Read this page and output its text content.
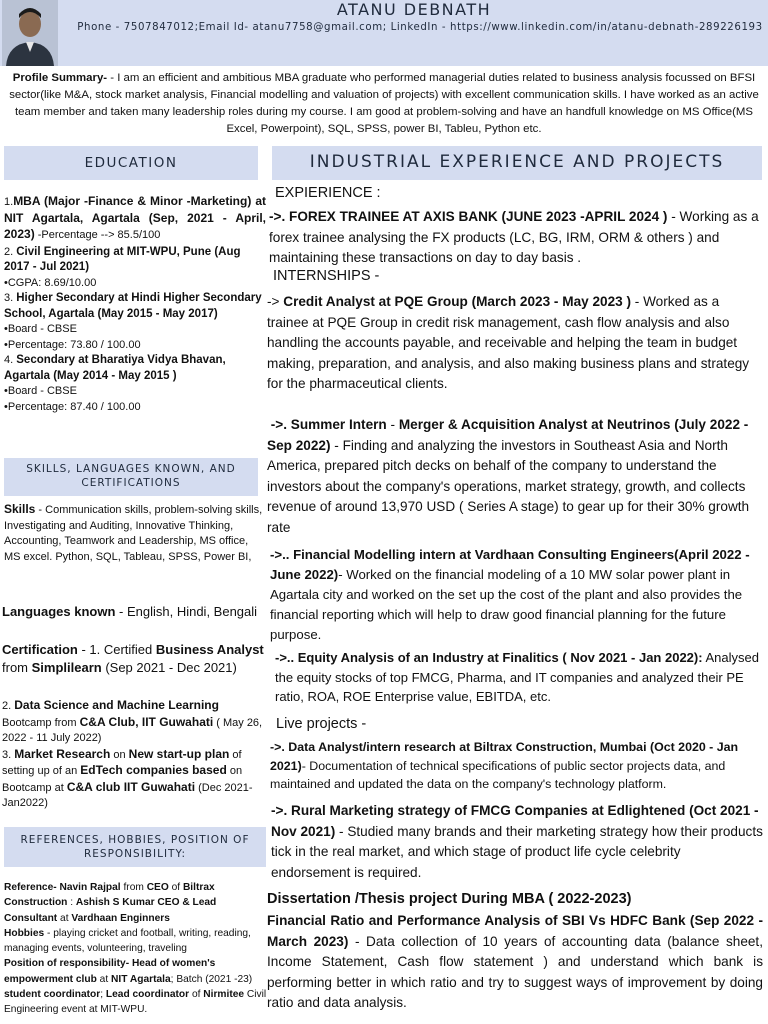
ATANU DEBNATH
Phone - 7507847012;Email Id- atanu7758@gmail.com; LinkedIn - https://www.linkedin.com/in/atanu-debnath-289226193
Profile Summary- - I am an efficient and ambitious MBA graduate who performed managerial duties related to business analysis focussed on BFSI sector(like M&A, stock market analysis, Financial modelling and valuation of projects) with excellent communication skills. I have worked as an active team member and taken many leadership roles during my course. I am good at problem-solving and have an handfull knowledge on MS Office(MS Excel, Powerpoint), SQL, SPSS, power BI, Tableu, Python etc.
EDUCATION	INDUSTRIAL EXPERIENCE AND PROJECTS
1.MBA (Major -Finance & Minor -Marketing) at NIT Agartala, Agartala (Sep, 2021 - April, 2023) -Percentage --> 85.5/100
2. Civil Engineering at MIT-WPU, Pune (Aug 2017 - Jul 2021)
•CGPA: 8.69/10.00
3. Higher Secondary at Hindi Higher Secondary School, Agartala (May 2015 - May 2017)
•Board - CBSE
•Percentage: 73.80 / 100.00
4. Secondary at Bharatiya Vidya Bhavan, Agartala (May 2014 - May 2015 )
•Board - CBSE
•Percentage: 87.40 / 100.00
SKILLS, LANGUAGES KNOWN, AND CERTIFICATIONS
Skills - Communication skills, problem-solving skills, Investigating and Auditing, Innovative Thinking, Accounting, Teamwork and Leadership, MS office, MS excel. Python, SQL, Tableau, SPSS, Power BI,
Languages known - English, Hindi, Bengali
Certification - 1. Certified Business Analyst from Simplilearn (Sep 2021 - Dec 2021)
2. Data Science and Machine Learning Bootcamp from C&A Club, IIT Guwahati ( May 26, 2022 - 11 July 2022)
3. Market Research on New start-up plan of setting up of an EdTech companies based on Bootcamp at C&A club IIT Guwahati (Dec 2021-Jan2022)
REFERENCES, HOBBIES, POSITION OF RESPONSIBILITY:
Reference- Navin Rajpal from CEO of Biltrax Construction : Ashish S Kumar CEO & Lead Consultant at Vardhaan Enginners
Hobbies - playing cricket and football, writing, reading, managing events, volunteering, traveling
Position of responsibility- Head of women's empowerment club at NIT Agartala; Batch (2021 -23) student coordinator; Lead coordinator of Nirmitee Civil Engineering event at MIT-WPU.
EXPIERIENCE :
->. FOREX TRAINEE AT AXIS BANK (JUNE 2023 -APRIL 2024 ) - Working as a forex trainee analysing the FX products (LC, BG, IRM, ORM & others ) and maintaining these transactions on day to day basis .
INTERNSHIPS -
-> Credit Analyst at PQE Group (March 2023 - May 2023 ) - Worked as a trainee at PQE Group in credit risk management, cash flow analysis and also handling the accounts payable, and receivable and helping the team in budget making, preparation, and analysis, and also making business plans and strategy for the pharmaceutical clients.
->. Summer Intern - Merger & Acquisition Analyst at Neutrinos (July 2022 - Sep 2022) - Finding and analyzing the investors in Southeast Asia and North America, prepared pitch decks on behalf of the company to understand the investors about the company's operations, market strategy, growth, and collects revenue of around 13,970 USD ( Series A stage) to gear up for their 30% growth rate
->.. Financial Modelling intern at Vardhaan Consulting Engineers(April 2022 - June 2022)- Worked on the financial modeling of a 10 MW solar power plant in Agartala city and worked on the set up the cost of the plant and also provides the financial reporting which will help to draw good financial planning for the future purpose.
->.. Equity Analysis of an Industry at Finalitics ( Nov 2021 - Jan 2022): Analysed the equity stocks of top FMCG, Pharma, and IT companies and analyzed their PE ratio, ROA, ROE Enterprise value, EBITDA, etc.
Live projects -
->. Data Analyst/intern research at Biltrax Construction, Mumbai (Oct 2020 - Jan 2021)- Documentation of technical specifications of public sector projects data, and maintained and updated the data on the company's technology platform.
->. Rural Marketing strategy of FMCG Companies at Edlightened (Oct 2021 - Nov 2021) - Studied many brands and their marketing strategy how their products tick in the real market, and which stage of product life cycle celebrity endorsement is required.
Dissertation /Thesis project During MBA ( 2022-2023)
Financial Ratio and Performance Analysis of SBI Vs HDFC Bank (Sep 2022 - March 2023) - Data collection of 10 years of accounting data (balance sheet, Income Statement, Cash flow statement ) and understand which bank is performing better in which ratio and try to suggest ways of improvement by doing ratio and data analysis.
